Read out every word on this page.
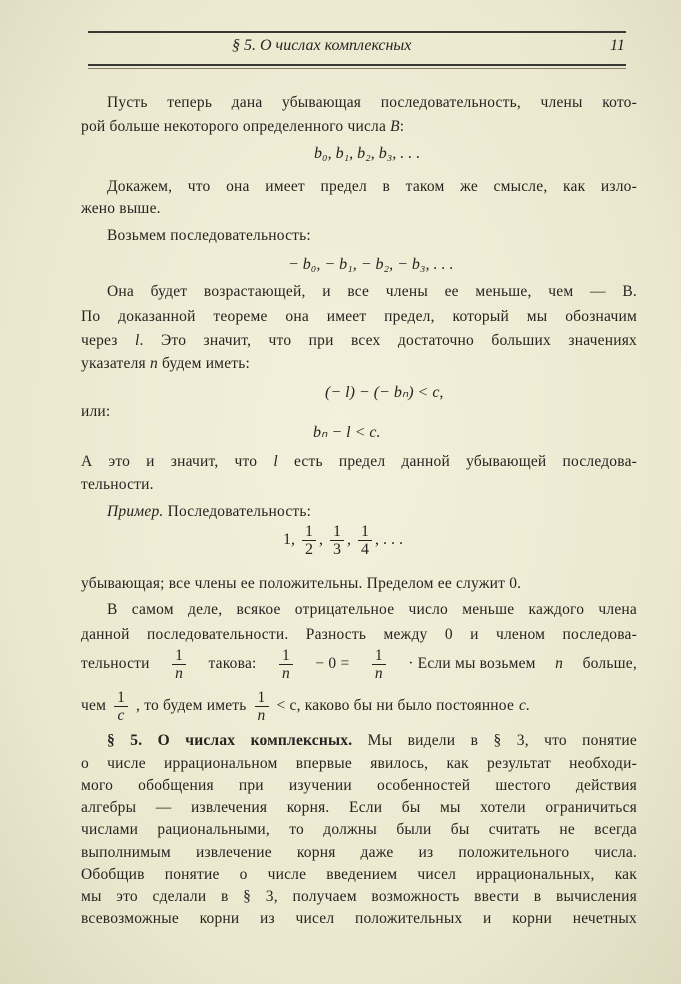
§ 5. О числах комплексных	11
Пусть теперь дана убывающая последовательность, члены кото-
рой больше некоторого определенного числа B:
b₀, b₁, b₂, b₃, . . .
Докажем, что она имеет предел в таком же смысле, как изло-
жено выше.
Возьмем последовательность:
− b₀, − b₁, − b₂, − b₃, . . .
Она будет возрастающей, и все члены ее меньше, чем — B.
По доказанной теореме она имеет предел, который мы обозначим
через l. Это значит, что при всех достаточно больших значениях
указателя n будем иметь:
(− l) − (− bₙ) < c,
или:
bₙ − l < c.
А это и значит, что l есть предел данной убывающей последова-
тельности.
Пример. Последовательность:
1, $\frac{1}{2}$ , $\frac{1}{3}$ , $\frac{1}{4}$ , . . .
убывающая; все члены ее положительны. Пределом ее служит 0.
В самом деле, всякое отрицательное число меньше каждого члена
данной последовательности. Разность между 0 и членом последова-
тельности $\frac{1}{n}$ такова: $\frac{1}{n} - 0 = \frac{1}{n}$ · Если мы возьмем n больше,
чем $\frac{1}{c}$ , то будем иметь $\frac{1}{n} < c$, каково бы ни было постоянное c.
§ 5. О числах комплексных. Мы видели в § 3, что понятие
о числе иррациональном впервые явилось, как результат необходи-
мого обобщения при изучении особенностей шестого действия
алгебры — извлечения корня. Если бы мы хотели ограничиться
числами рациональными, то должны были бы считать не всегда
выполнимым извлечение корня даже из положительного числа.
Обобщив понятие о числе введением чисел иррациональных, как
мы это сделали в § 3, получаем возможность ввести в вычисления
всевозможные корни из чисел положительных и корни нечетных
